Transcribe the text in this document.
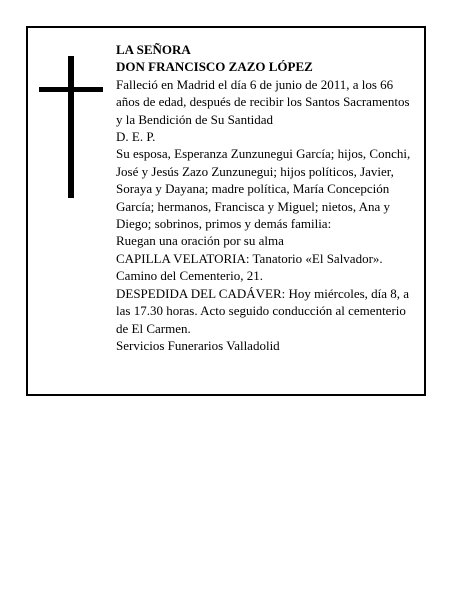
LA SEÑORA

DON FRANCISCO ZAZO LÓPEZ

Falleció en Madrid el día 6 de junio de 2011, a los 66 años de edad, después de recibir los Santos Sacramentos y la Bendición de Su Santidad

D. E. P.

Su esposa, Esperanza Zunzunegui García; hijos, Conchi, José y Jesús Zazo Zunzunegui; hijos políticos, Javier, Soraya y Dayana; madre política, María Concepción García; hermanos, Francisca y Miguel; nietos, Ana y Diego; sobrinos, primos y demás familia:

Ruegan una oración por su alma

CAPILLA VELATORIA: Tanatorio «El Salvador». Camino del Cementerio, 21.

DESPEDIDA DEL CADÁVER: Hoy miércoles, día 8, a las 17.30 horas. Acto seguido conducción al cementerio de El Carmen.

Servicios Funerarios Valladolid
